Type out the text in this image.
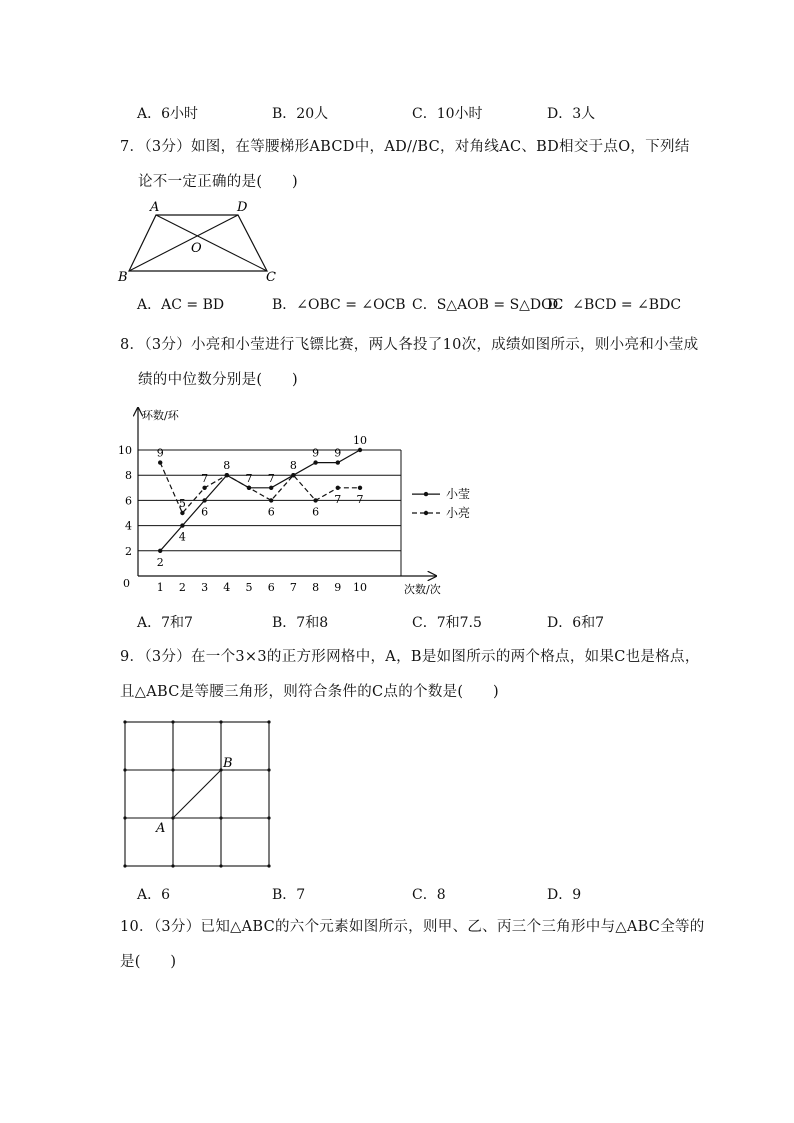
A．6小时	B．20人	C．10小时	D．3人
7．（3分）如图，在等腰梯形ABCD中，AD//BC，对角线AC、BD相交于点O，下列结
论不一定正确的是(　　)
A	D
O
B	C
A．AC = BD	B．∠OBC = ∠OCB C．S△AOB = S△DOC
D．∠BCD = ∠BDC
8．（3分）小亮和小莹进行飞镖比赛，两人各投了10次，成绩如图所示，则小亮和小莹成
绩的中位数分别是(　　)
2
4
6
8
10
环数/环
次数/次
0 1 2 3 4 5 6 7 8 9 10
9
2
5
4
7
6
8
7 7
6
8
9
6
9
7
10
7	小莹
小亮
A．7和7	B．7和8	C．7和7.5	D．6和7
9．（3分）在一个3×3的正方形网格中，A，B是如图所示的两个格点，如果C也是格点，
且△ABC是等腰三角形，则符合条件的C点的个数是(　　)
B
A
A．6	B．7	C．8	D．9
10．（3分）已知△ABC的六个元素如图所示，则甲、乙、丙三个三角形中与△ABC全等的
是(　　)
